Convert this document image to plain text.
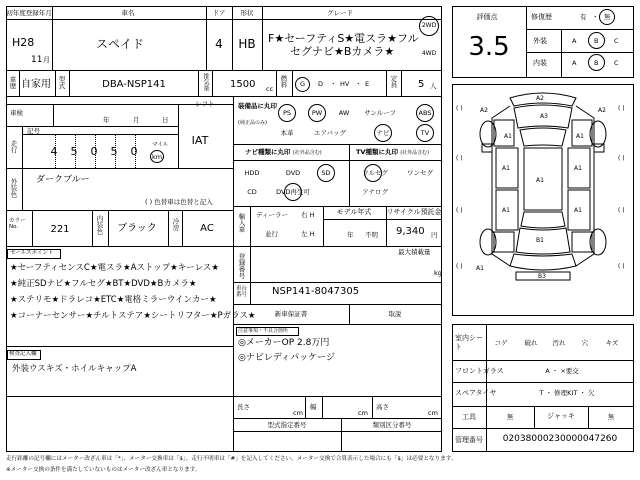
初年度登録年月	車名	ドア 形状	グレード
H28
11 月
スペイド	4 HB F★セーフティS★電スラ★フル
セグナビ★Bカメラ★
2WD
4WD
車歴 自家用 型式	DBA-NSP141	排気量 1500 cc
燃料 G D ・ HV ・ E	定員 5 人
車検
年	月	日
シフト
IAT
走行
記号
4 5 0 5 0	マイル
km
外装色 ダークブルー
( ) 色替車は色替と記入
カラーNo.	221	内装色 ブラック 冷房 AC
セールスポイント
★セーフティセンスC★電スラ★Aストップ★キーレス★
★純正SDナビ★フルセグ★BT★DVD★Bカメラ★
★ステリモ★ドラレコ★ETC★電格ミラーウインカー★
★コーナーセンサー★チルトステア★シートリフター★Pガラス★
検査記入欄
外装ウスキズ・ホイルキャップA
装備品に丸印
(純正品のみ)
PS	PW	AW サンルーフ	ABS
本革	エアバッグ	ナビ	TV
ナビ種類に丸印 (社外品含む)	TV種類に丸印 (社外品含む)
HDD	DVD	SD
CD	DVD再生可
フルセグ	ワンセグ
アナログ
輸入車 ディーラー
並行
右 H
左 H
モデル年式
年 不明
リサイクル預託金
9,340 円
登録番号
最大積載量
kg
車台番号 NSP141-8047305
新車保証書	取説
注意事項・不具合箇所
◎メーカーOP 2.8万円
◎ナビレディパッケージ
長さ
cm
幅
cm
高さ
cm
型式指定番号	類別区分番号
評価点
3.5
修復歴	有 ・ 無
外装	A	B C
内装	A	B C
( )	( )
( )	( )
( )	( )
( )	( )
A2
A3
A1	A1
A1	A1
A1	A1
A1
B1
B3
A2	A2
A1
室内シート
コゲ	破れ 汚れ	穴	キズ
フロントガラス	A ・ ×要交
スペアタイヤ	T ・ 修理KIT ・ 欠
工具	無	ジャッキ	無
管理番号 02038000230000047260
走行距離の記号欄にはメーター改ざん車は「*」、メーター交換車は「$」、走行不明車は「#」を記入してください。メーター交換で合算表示した場合にも「$」は必要となります。
※メーター交換の条件を満たしていないものはメーター改ざん車となります。
